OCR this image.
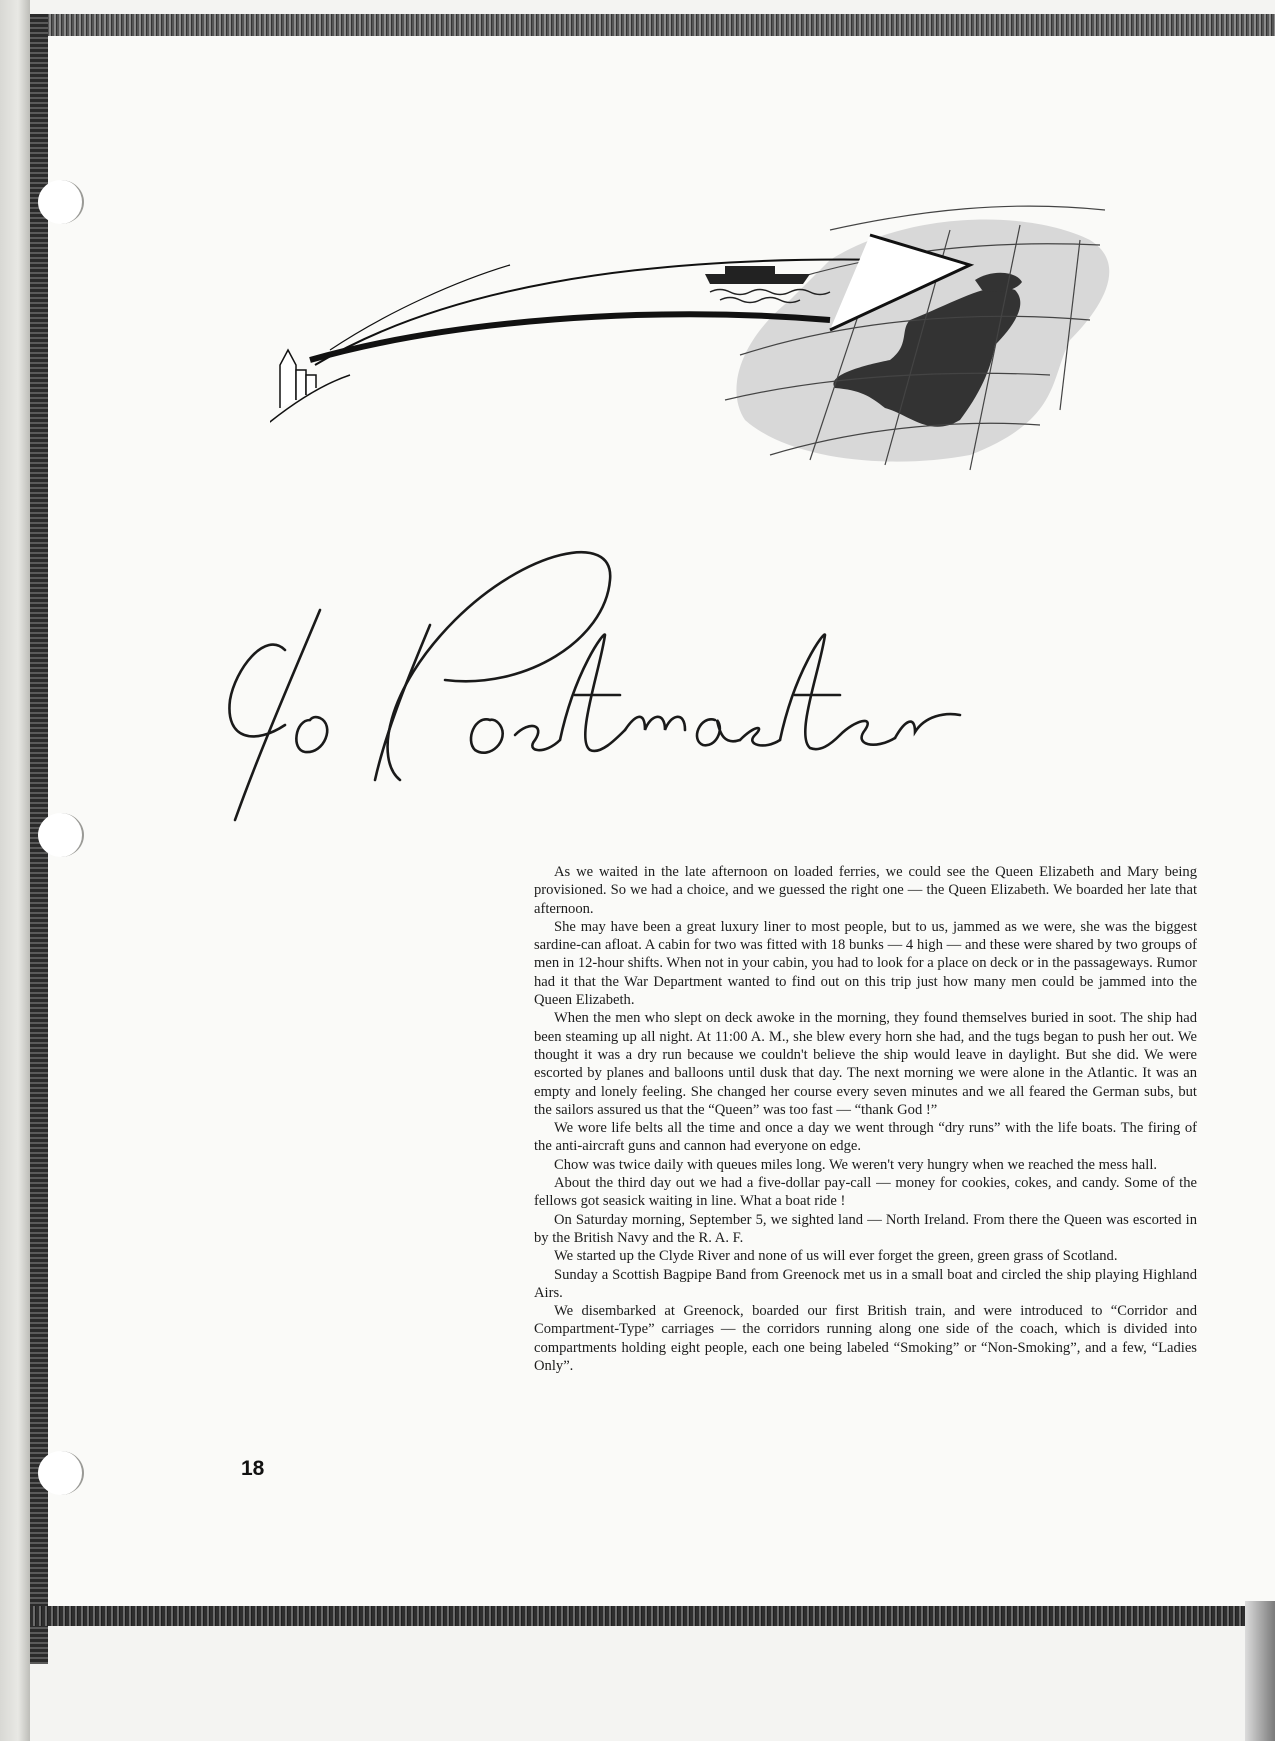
As we waited in the late afternoon on loaded ferries, we could see the Queen Elizabeth and Mary being provisioned. So we had a choice, and we guessed the right one — the Queen Elizabeth. We boarded her late that afternoon.

She may have been a great luxury liner to most people, but to us, jammed as we were, she was the biggest sardine-can afloat. A cabin for two was fitted with 18 bunks — 4 high — and these were shared by two groups of men in 12-hour shifts. When not in your cabin, you had to look for a place on deck or in the passageways. Rumor had it that the War Department wanted to find out on this trip just how many men could be jammed into the Queen Elizabeth.

When the men who slept on deck awoke in the morning, they found themselves buried in soot. The ship had been steaming up all night. At 11:00 A. M., she blew every horn she had, and the tugs began to push her out. We thought it was a dry run because we couldn't believe the ship would leave in daylight. But she did. We were escorted by planes and balloons until dusk that day. The next morning we were alone in the Atlantic. It was an empty and lonely feeling. She changed her course every seven minutes and we all feared the German subs, but the sailors assured us that the “Queen” was too fast — “thank God !”

We wore life belts all the time and once a day we went through “dry runs” with the life boats. The firing of the anti-aircraft guns and cannon had everyone on edge.

Chow was twice daily with queues miles long. We weren't very hungry when we reached the mess hall.

About the third day out we had a five-dollar pay-call — money for cookies, cokes, and candy. Some of the fellows got seasick waiting in line. What a boat ride !

On Saturday morning, September 5, we sighted land — North Ireland. From there the Queen was escorted in by the British Navy and the R. A. F.

We started up the Clyde River and none of us will ever forget the green, green grass of Scotland.

Sunday a Scottish Bagpipe Band from Greenock met us in a small boat and circled the ship playing Highland Airs.

We disembarked at Greenock, boarded our first British train, and were introduced to “Corridor and Compartment-Type” carriages — the corridors running along one side of the coach, which is divided into compartments holding eight people, each one being labeled “Smoking” or “Non-Smoking”, and a few, “Ladies Only”.

18
